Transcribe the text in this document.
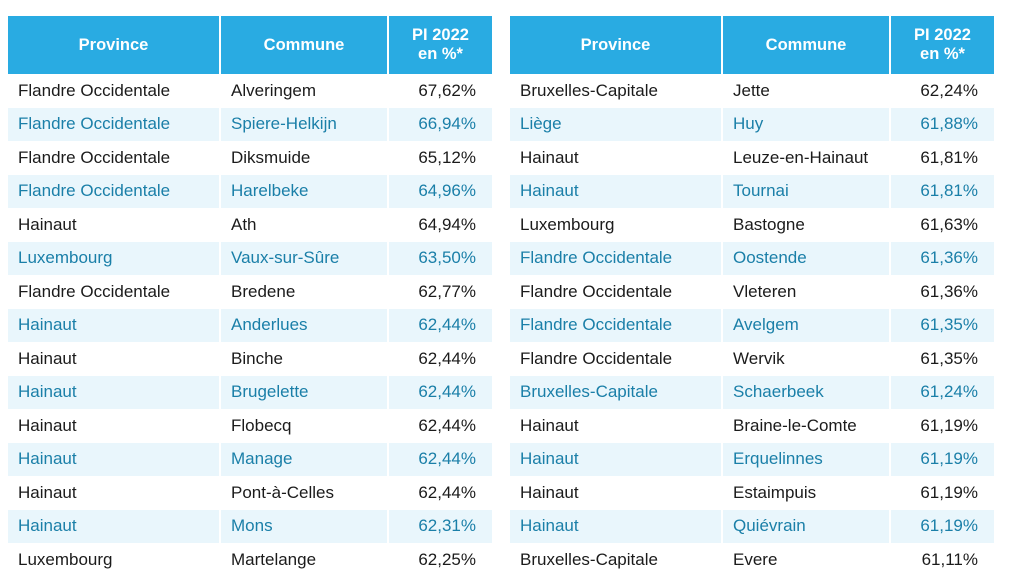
Province	Commune	PI 2022
en %*

Flandre Occidentale	Alveringem	67,62%
Flandre Occidentale	Spiere-Helkijn	66,94%
Flandre Occidentale	Diksmuide	65,12%
Flandre Occidentale	Harelbeke	64,96%
Hainaut	Ath	64,94%
Luxembourg	Vaux-sur-Sûre	63,50%
Flandre Occidentale	Bredene	62,77%
Hainaut	Anderlues	62,44%
Hainaut	Binche	62,44%
Hainaut	Brugelette	62,44%
Hainaut	Flobecq	62,44%
Hainaut	Manage	62,44%
Hainaut	Pont-à-Celles	62,44%
Hainaut	Mons	62,31%
Luxembourg	Martelange	62,25%
Province	Commune	PI 2022
en %*

Bruxelles-Capitale	Jette	62,24%
Liège	Huy	61,88%
Hainaut	Leuze-en-Hainaut	61,81%
Hainaut	Tournai	61,81%
Luxembourg	Bastogne	61,63%
Flandre Occidentale	Oostende	61,36%
Flandre Occidentale	Vleteren	61,36%
Flandre Occidentale	Avelgem	61,35%
Flandre Occidentale	Wervik	61,35%
Bruxelles-Capitale	Schaerbeek	61,24%
Hainaut	Braine-le-Comte	61,19%
Hainaut	Erquelinnes	61,19%
Hainaut	Estaimpuis	61,19%
Hainaut	Quiévrain	61,19%
Bruxelles-Capitale	Evere	61,11%
